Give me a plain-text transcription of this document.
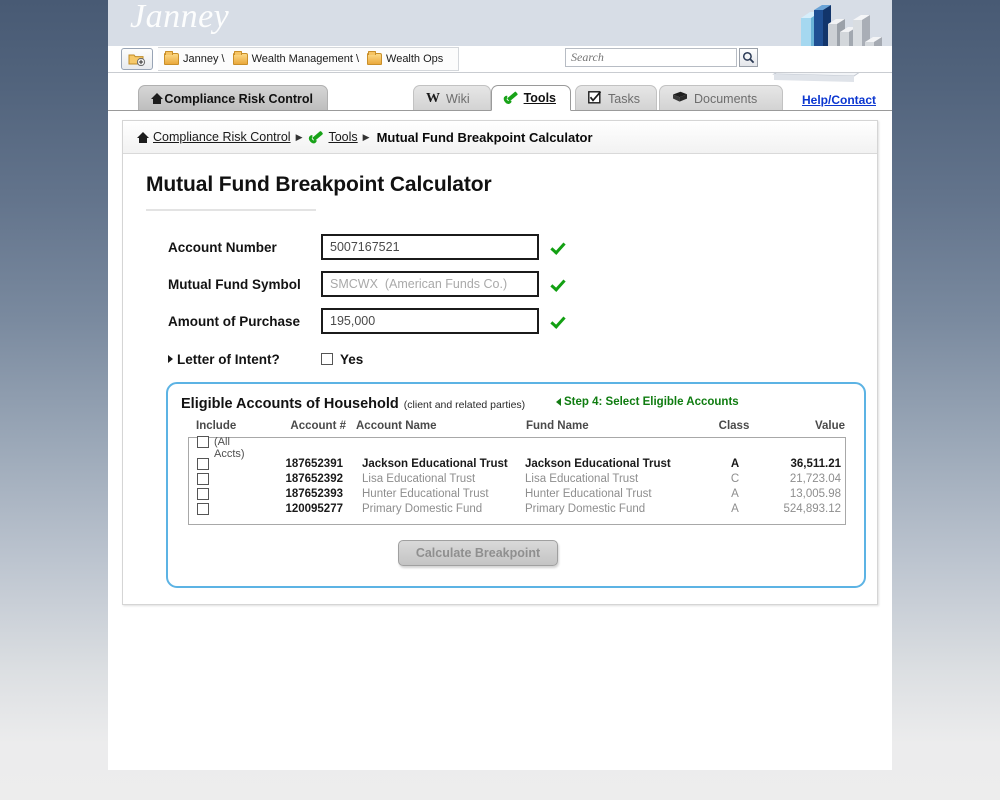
Janney
Janney \ Wealth Management \ Wealth Ops
Search
Compliance Risk Control	W Wiki	Tools	Tasks	Documents	Help/Contact
Compliance Risk Control ▶ Tools ▶ Mutual Fund Breakpoint Calculator
Mutual Fund Breakpoint Calculator
Account Number
5007167521
Mutual Fund Symbol
SMCWX (American Funds Co.)
Amount of Purchase
195,000
Letter of Intent?	Yes
Eligible Accounts of Household (client and related parties)	Step 4: Select Eligible Accounts
Include	Account # Account Name	Fund Name	Class	Value
(All Accts)
187652391	Jackson Educational Trust	Jackson Educational Trust	A	36,511.21
187652392	Lisa Educational Trust	Lisa Educational Trust	C	21,723.04
187652393	Hunter Educational Trust	Hunter Educational Trust	A	13,005.98
120095277	Primary Domestic Fund	Primary Domestic Fund	A	524,893.12
Calculate Breakpoint
